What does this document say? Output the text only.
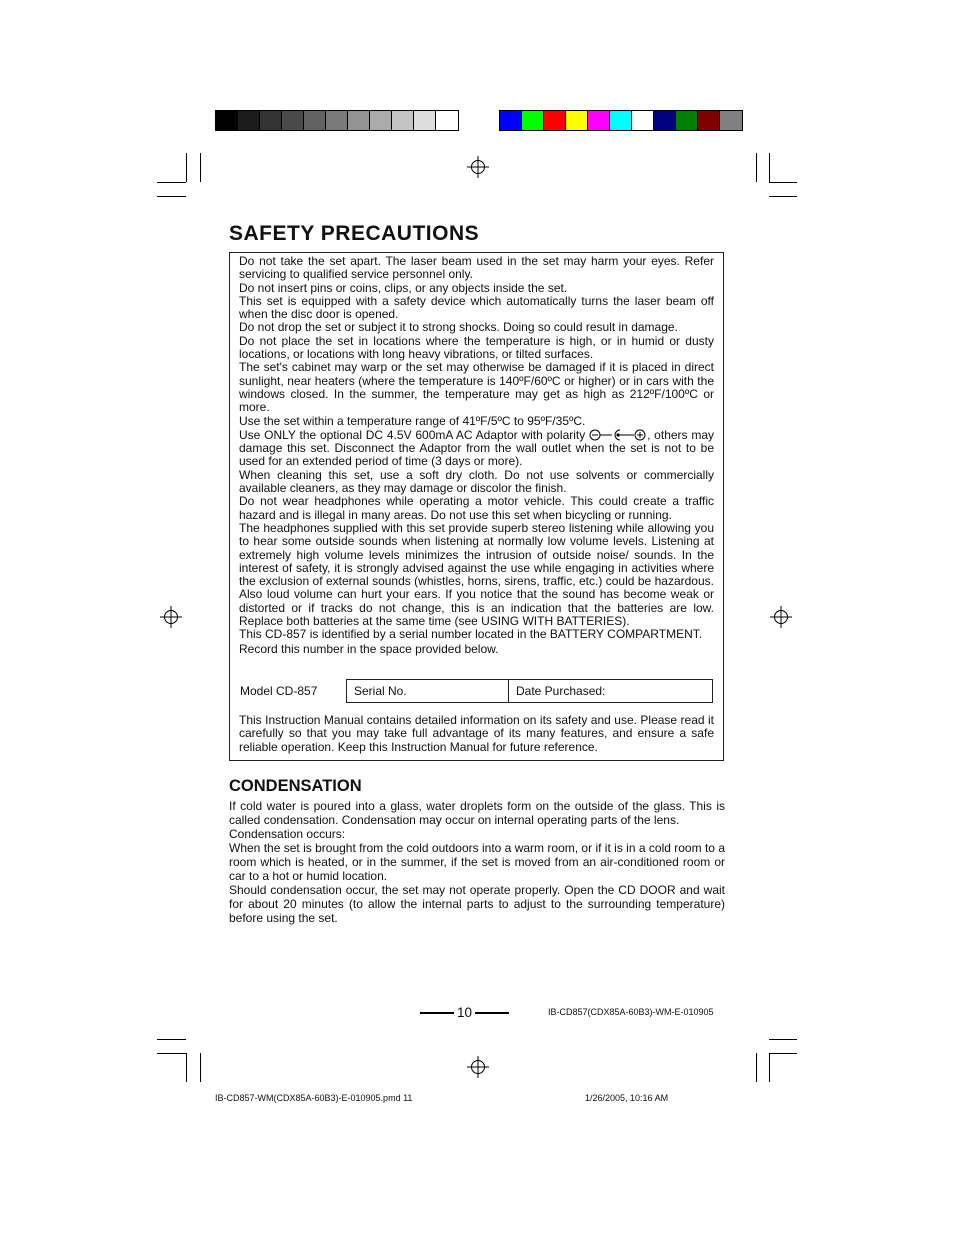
SAFETY PRECAUTIONS

Do not take the set apart. The laser beam used in the set may harm your eyes. Refer servicing to qualified service personnel only.

Do not insert pins or coins, clips, or any objects inside the set.

This set is equipped with a safety device which automatically turns the laser beam off when the disc door is opened.

Do not drop the set or subject it to strong shocks. Doing so could result in damage.

Do not place the set in locations where the temperature is high, or in humid or dusty locations, or locations with long heavy vibrations, or tilted surfaces.

The set's cabinet may warp or the set may otherwise be damaged if it is placed in direct sunlight, near heaters (where the temperature is 140ºF/60ºC or higher) or in cars with the windows closed. In the summer, the temperature may get as high as 212ºF/100ºC or more.

Use the set within a temperature range of 41ºF/5ºC to 95ºF/35ºC.

Use ONLY the optional DC 4.5V 600mA AC Adaptor with polarity	, others may damage this set. Disconnect the Adaptor from the wall outlet when the set is not to be used for an extended period of time (3 days or more).

When cleaning this set, use a soft dry cloth. Do not use solvents or commercially available cleaners, as they may damage or discolor the finish.

Do not wear headphones while operating a motor vehicle. This could create a traffic hazard and is illegal in many areas. Do not use this set when bicycling or running.

The headphones supplied with this set provide superb stereo listening while allowing you to hear some outside sounds when listening at normally low volume levels. Listening at extremely high volume levels minimizes the intrusion of outside noise/ sounds. In the interest of safety, it is strongly advised against the use while engaging in activities where the exclusion of external sounds (whistles, horns, sirens, traffic, etc.) could be hazardous. Also loud volume can hurt your ears. If you notice that the sound has become weak or distorted or if tracks do not change, this is an indication that the batteries are low. Replace both batteries at the same time (see USING WITH BATTERIES).

This CD-857 is identified by a serial number located in the BATTERY COMPARTMENT.

Record this number in the space provided below.

Model CD-857	Serial No.	Date Purchased:

This Instruction Manual contains detailed information on its safety and use. Please read it carefully so that you may take full advantage of its many features, and ensure a safe reliable operation. Keep this Instruction Manual for future reference.

CONDENSATION

If cold water is poured into a glass, water droplets form on the outside of the glass. This is called condensation. Condensation may occur on internal operating parts of the lens.

Condensation occurs:

When the set is brought from the cold outdoors into a warm room, or if it is in a cold room to a room which is heated, or in the summer, if the set is moved from an air-conditioned room or car to a hot or humid location.

Should condensation occur, the set may not operate properly. Open the CD DOOR and wait for about 20 minutes (to allow the internal parts to adjust to the surrounding temperature) before using the set.

10	IB-CD857(CDX85A-60B3)-WM-E-010905
IB-CD857-WM(CDX85A-60B3)-E-010905.pmd 11	1/26/2005, 10:16 AM
